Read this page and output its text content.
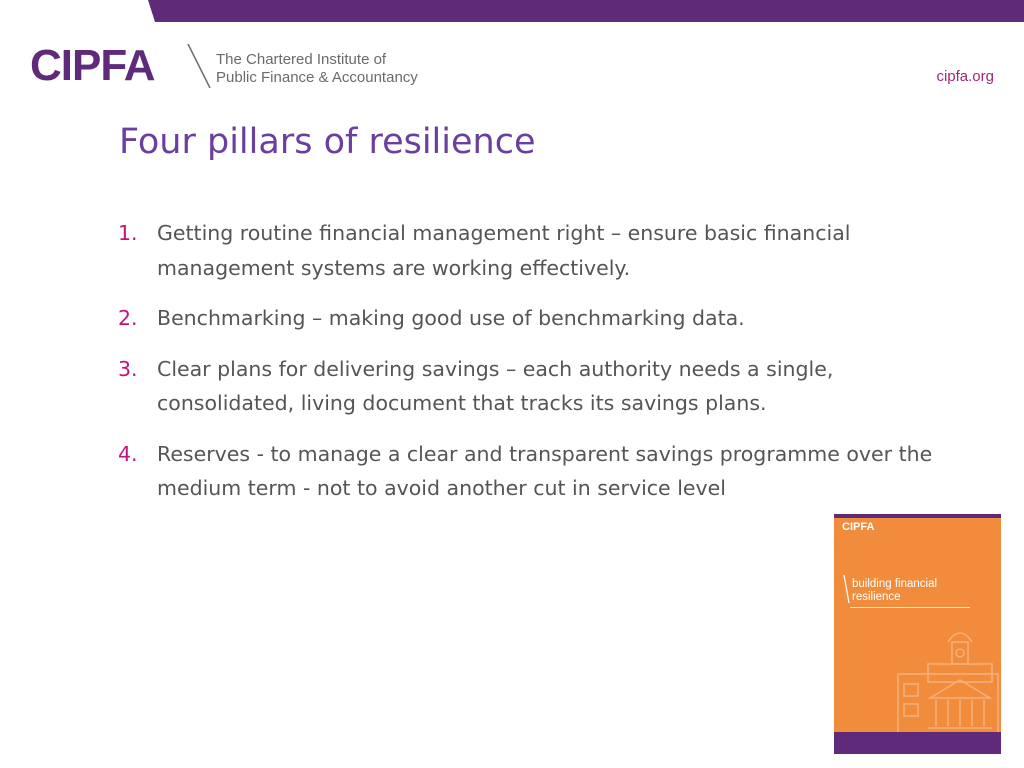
CIPFA	The Chartered Institute of
Public Finance & Accountancy	cipfa.org
Four pillars of resilience
1. Getting routine financial management right – ensure basic financial management systems are working effectively.
2. Benchmarking – making good use of benchmarking data.
3. Clear plans for delivering savings – each authority needs a single, consolidated, living document that tracks its savings plans.
4. Reserves - to manage a clear and transparent savings programme over the medium term - not to avoid another cut in service level
CIPFA
building financial
resilience
